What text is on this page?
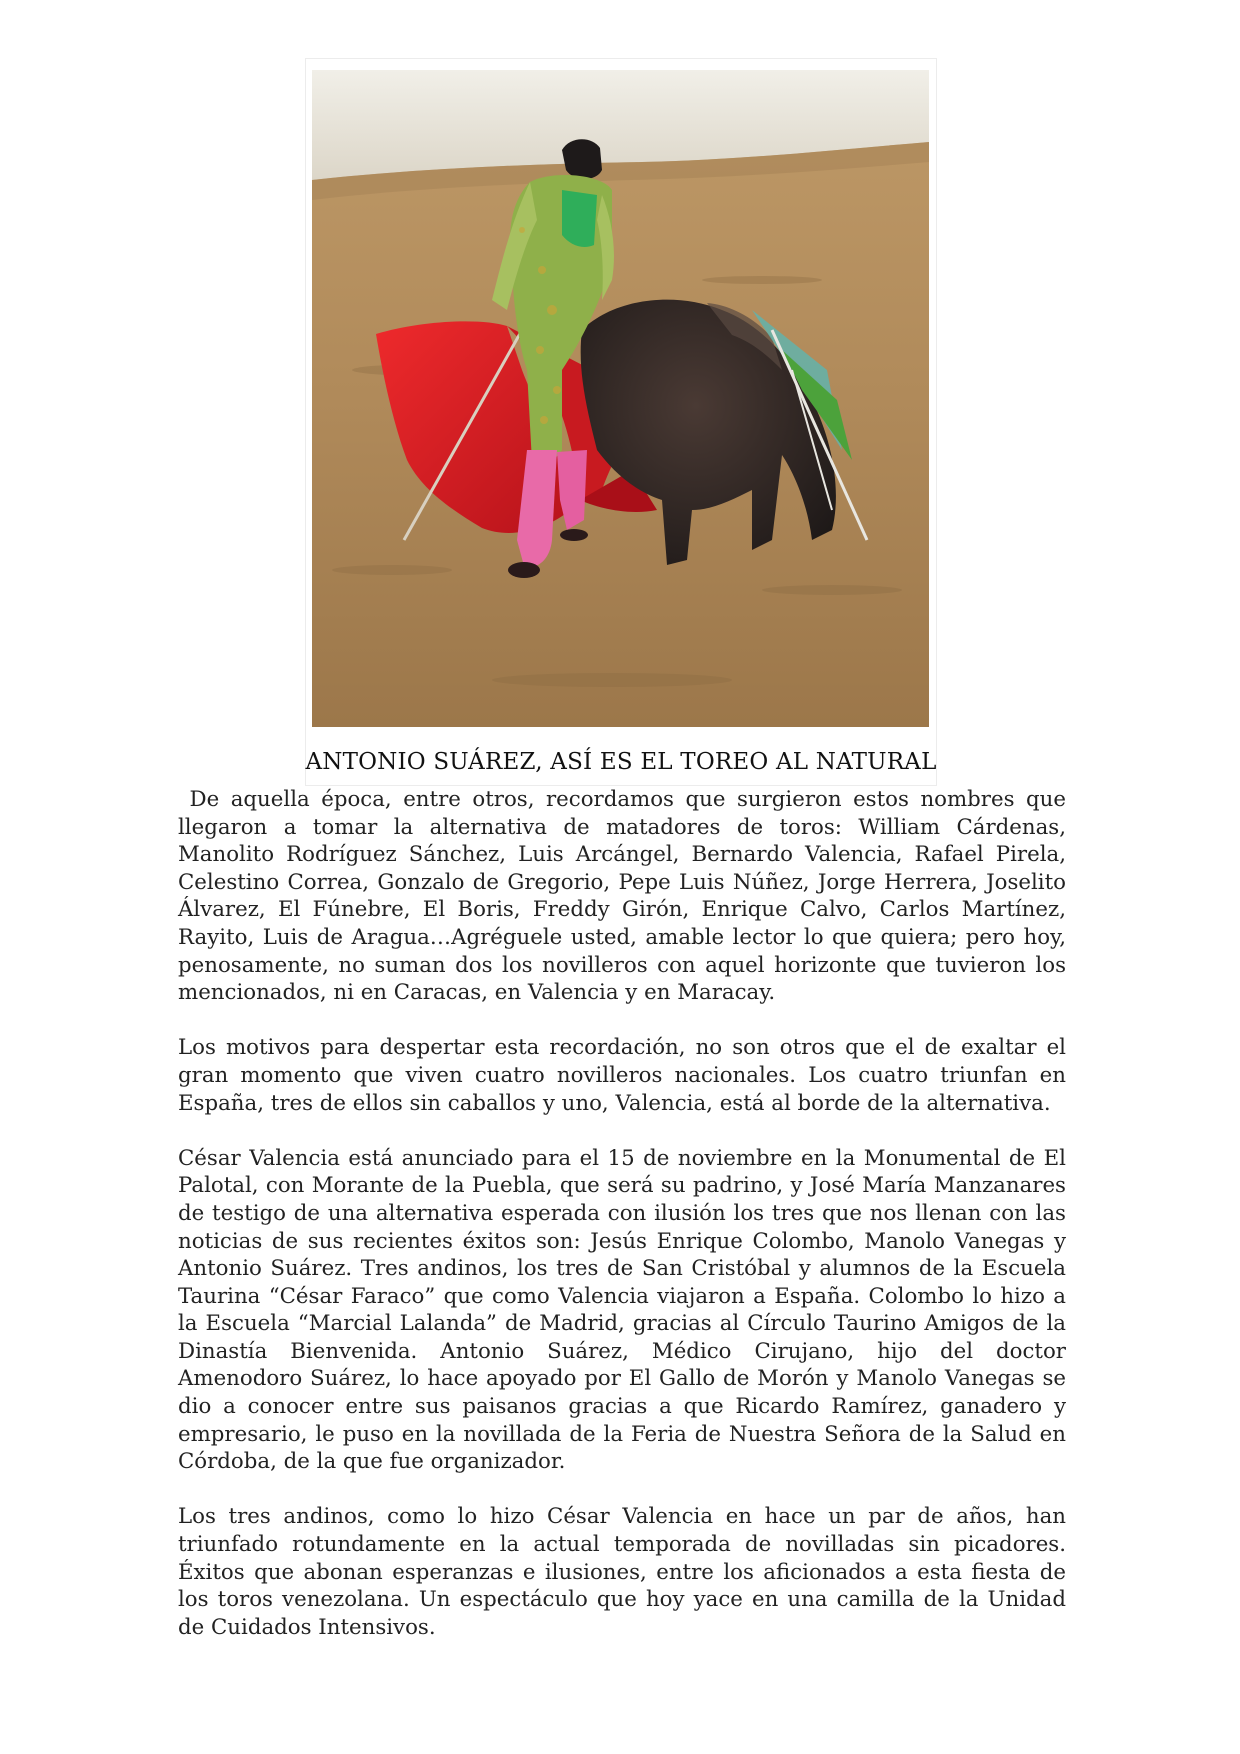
ANTONIO SUÁREZ, ASÍ ES EL TOREO AL NATURAL

De aquella época, entre otros, recordamos que surgieron estos nombres que llegaron a tomar la alternativa de matadores de toros: William Cárdenas, Manolito Rodríguez Sánchez, Luis Arcángel, Bernardo Valencia, Rafael Pirela, Celestino Correa, Gonzalo de Gregorio, Pepe Luis Núñez, Jorge Herrera, Joselito Álvarez, El Fúnebre, El Boris, Freddy Girón, Enrique Calvo, Carlos Martínez, Rayito, Luis de Aragua…Agréguele usted, amable lector lo que quiera; pero hoy, penosamente, no suman dos los novilleros con aquel horizonte que tuvieron los mencionados, ni en Caracas, en Valencia y en Maracay.

Los motivos para despertar esta recordación, no son otros que el de exaltar el gran momento que viven cuatro novilleros nacionales. Los cuatro triunfan en España, tres de ellos sin caballos y uno, Valencia, está al borde de la alternativa.

César Valencia está anunciado para el 15 de noviembre en la Monumental de El Palotal, con Morante de la Puebla, que será su padrino, y José María Manzanares de testigo de una alternativa esperada con ilusión los tres que nos llenan con las noticias de sus recientes éxitos son: Jesús Enrique Colombo, Manolo Vanegas y Antonio Suárez. Tres andinos, los tres de San Cristóbal y alumnos de la Escuela Taurina “César Faraco” que como Valencia viajaron a España. Colombo lo hizo a la Escuela “Marcial Lalanda” de Madrid, gracias al Círculo Taurino Amigos de la Dinastía Bienvenida. Antonio Suárez, Médico Cirujano, hijo del doctor Amenodoro Suárez, lo hace apoyado por El Gallo de Morón y Manolo Vanegas se dio a conocer entre sus paisanos gracias a que Ricardo Ramírez, ganadero y empresario, le puso en la novillada de la Feria de Nuestra Señora de la Salud en Córdoba, de la que fue organizador.

Los tres andinos, como lo hizo César Valencia en hace un par de años, han triunfado rotundamente en la actual temporada de novilladas sin picadores. Éxitos que abonan esperanzas e ilusiones, entre los aficionados a esta fiesta de los toros venezolana. Un espectáculo que hoy yace en una camilla de la Unidad de Cuidados Intensivos.
